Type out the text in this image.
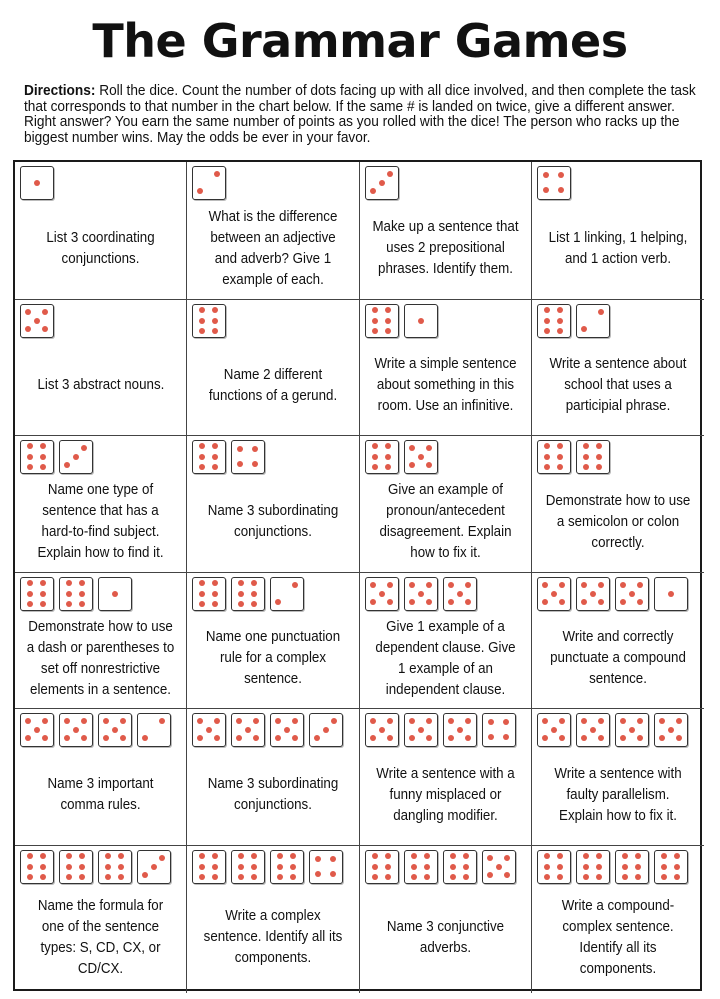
The Grammar Games
Directions: Roll the dice. Count the number of dots facing up with all dice involved, and then complete the task that corresponds to that number in the chart below. If the same # is landed on twice, give a different answer. Right answer? You earn the same number of points as you rolled with the dice! The person who racks up the biggest number wins. May the odds be ever in your favor.
List 3 coordinating conjunctions.
What is the difference between an adjective and adverb? Give 1 example of each.
Make up a sentence that uses 2 prepositional phrases. Identify them.
List 1 linking, 1 helping, and 1 action verb.
List 3 abstract nouns.
Name 2 different functions of a gerund.
Write a simple sentence about something in this room. Use an infinitive.
Write a sentence about school that uses a participial phrase.
Name one type of sentence that has a hard-to-find subject. Explain how to find it.
Name 3 subordinating conjunctions.
Give an example of pronoun/antecedent disagreement. Explain how to fix it.
Demonstrate how to use a semicolon or colon correctly.
Demonstrate how to use a dash or parentheses to set off nonrestrictive elements in a sentence.
Name one punctuation rule for a complex sentence.
Give 1 example of a dependent clause. Give 1 example of an independent clause.
Write and correctly punctuate a compound sentence.
Name 3 important comma rules.
Name 3 subordinating conjunctions.
Write a sentence with a funny misplaced or dangling modifier.
Write a sentence with faulty parallelism. Explain how to fix it.
Name the formula for one of the sentence types: S, CD, CX, or CD/CX.
Write a complex sentence. Identify all its components.
Name 3 conjunctive adverbs.
Write a compound-complex sentence. Identify all its components.
